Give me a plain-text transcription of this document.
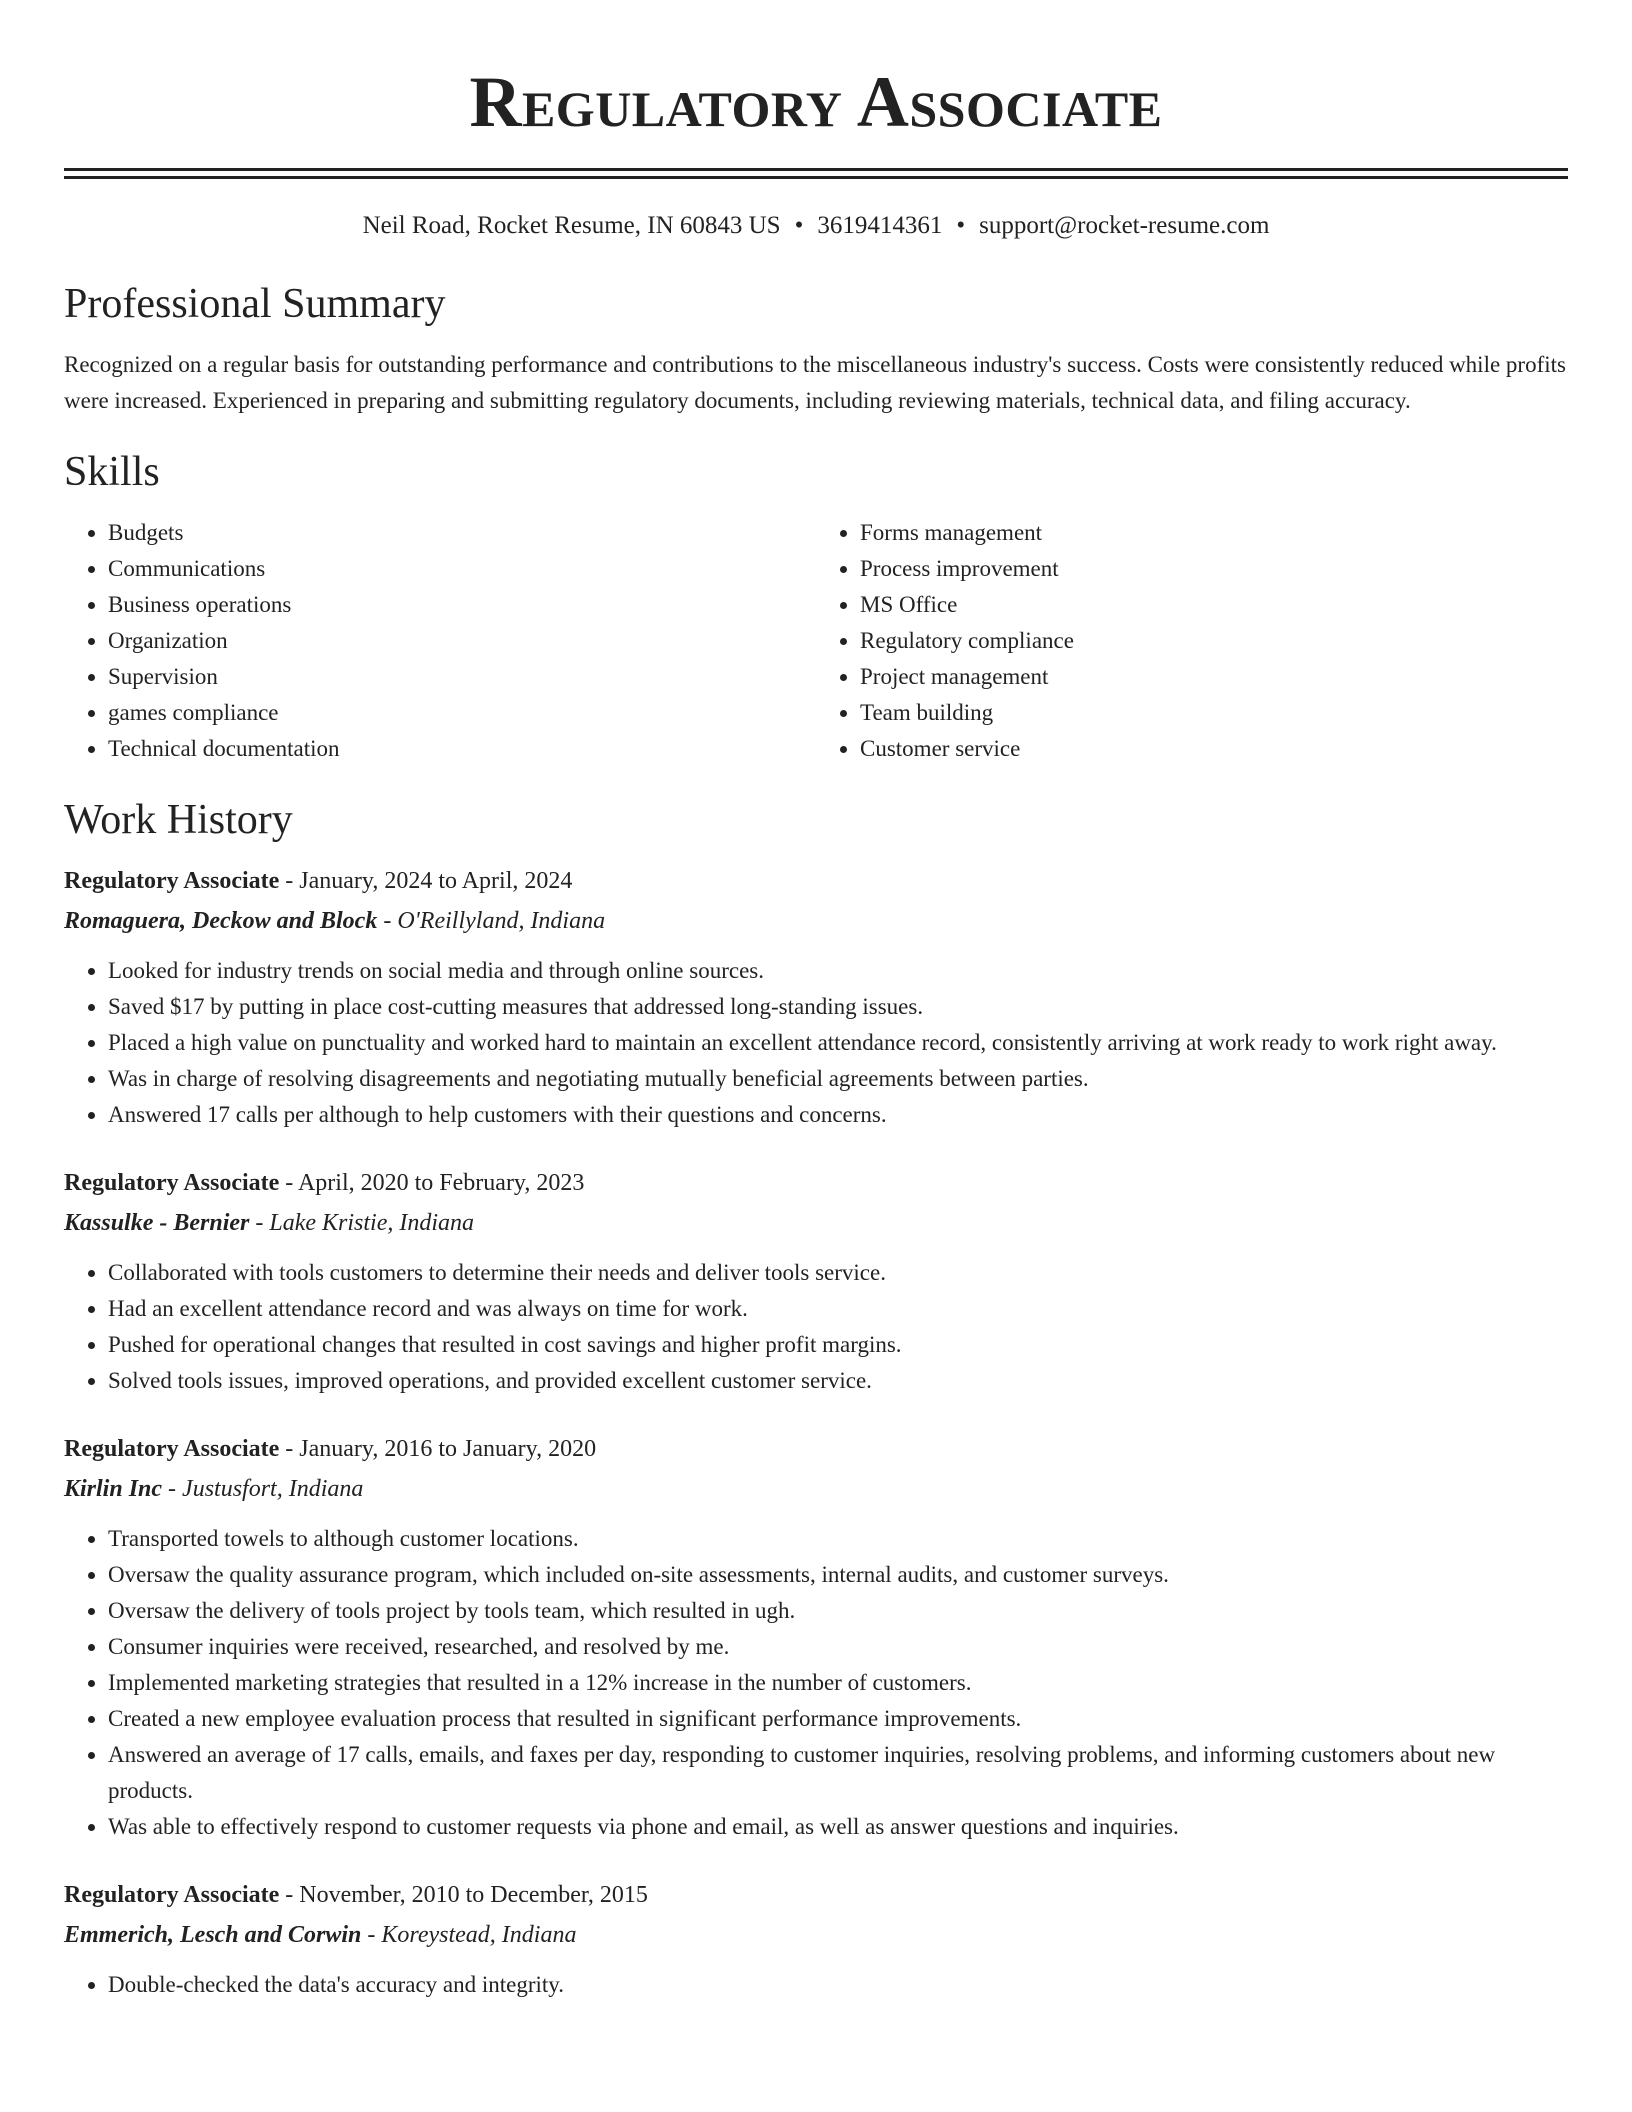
Regulatory Associate
Neil Road, Rocket Resume, IN 60843 US • 3619414361 • support@rocket-resume.com
Professional Summary

Recognized on a regular basis for outstanding performance and contributions to the miscellaneous industry's success. Costs were consistently reduced while profits were increased. Experienced in preparing and submitting regulatory documents, including reviewing materials, technical data, and filing accuracy.

Skills
• Budgets
• Communications
• Business operations
• Organization
• Supervision
• games compliance
• Technical documentation
• Forms management
• Process improvement
• MS Office
• Regulatory compliance
• Project management
• Team building
• Customer service
Work History
Regulatory Associate - January, 2024 to April, 2024
Romaguera, Deckow and Block - O'Reillyland, Indiana
• Looked for industry trends on social media and through online sources.
• Saved $17 by putting in place cost-cutting measures that addressed long-standing issues.
• Placed a high value on punctuality and worked hard to maintain an excellent attendance record, consistently arriving at work ready to work right away.
• Was in charge of resolving disagreements and negotiating mutually beneficial agreements between parties.
• Answered 17 calls per although to help customers with their questions and concerns.
Regulatory Associate - April, 2020 to February, 2023
Kassulke - Bernier - Lake Kristie, Indiana
• Collaborated with tools customers to determine their needs and deliver tools service.
• Had an excellent attendance record and was always on time for work.
• Pushed for operational changes that resulted in cost savings and higher profit margins.
• Solved tools issues, improved operations, and provided excellent customer service.
Regulatory Associate - January, 2016 to January, 2020
Kirlin Inc - Justusfort, Indiana
• Transported towels to although customer locations.
• Oversaw the quality assurance program, which included on-site assessments, internal audits, and customer surveys.
• Oversaw the delivery of tools project by tools team, which resulted in ugh.
• Consumer inquiries were received, researched, and resolved by me.
• Implemented marketing strategies that resulted in a 12% increase in the number of customers.
• Created a new employee evaluation process that resulted in significant performance improvements.
• Answered an average of 17 calls, emails, and faxes per day, responding to customer inquiries, resolving problems, and informing customers about new products.
• Was able to effectively respond to customer requests via phone and email, as well as answer questions and inquiries.
Regulatory Associate - November, 2010 to December, 2015
Emmerich, Lesch and Corwin - Koreystead, Indiana
• Double-checked the data's accuracy and integrity.
